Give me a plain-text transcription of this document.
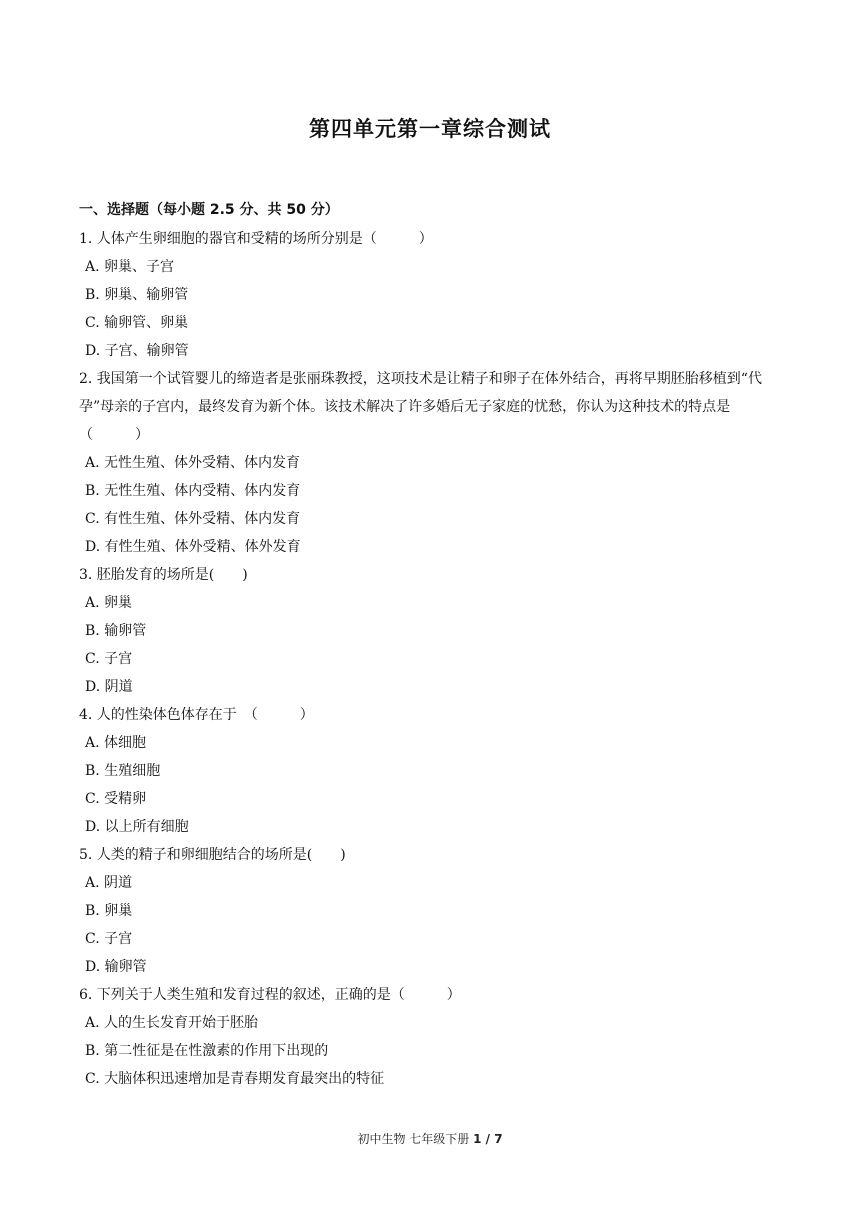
第四单元第一章综合测试
一、选择题（每小题 2.5 分、共 50 分）
1. 人体产生卵细胞的器官和受精的场所分别是（　　　）
A. 卵巢、子宫
B. 卵巢、输卵管
C. 输卵管、卵巢
D. 子宫、输卵管
2. 我国第一个试管婴儿的缔造者是张丽珠教授，这项技术是让精子和卵子在体外结合，再将早期胚胎移植到“代孕”母亲的子宫内，最终发育为新个体。该技术解决了许多婚后无子家庭的忧愁，你认为这种技术的特点是（　　　）
A. 无性生殖、体外受精、体内发育
B. 无性生殖、体内受精、体内发育
C. 有性生殖、体外受精、体内发育
D. 有性生殖、体外受精、体外发育
3. 胚胎发育的场所是(　　)
A. 卵巢
B. 输卵管
C. 子宫
D. 阴道
4. 人的性染体色体存在于　（　　　）
A. 体细胞
B. 生殖细胞
C. 受精卵
D. 以上所有细胞
5. 人类的精子和卵细胞结合的场所是(　　)
A. 阴道
B. 卵巢
C. 子宫
D. 输卵管
6. 下列关于人类生殖和发育过程的叙述，正确的是（　　　）
A. 人的生长发育开始于胚胎
B. 第二性征是在性激素的作用下出现的
C. 大脑体积迅速增加是青春期发育最突出的特征
初中生物 七年级下册 1 / 7
